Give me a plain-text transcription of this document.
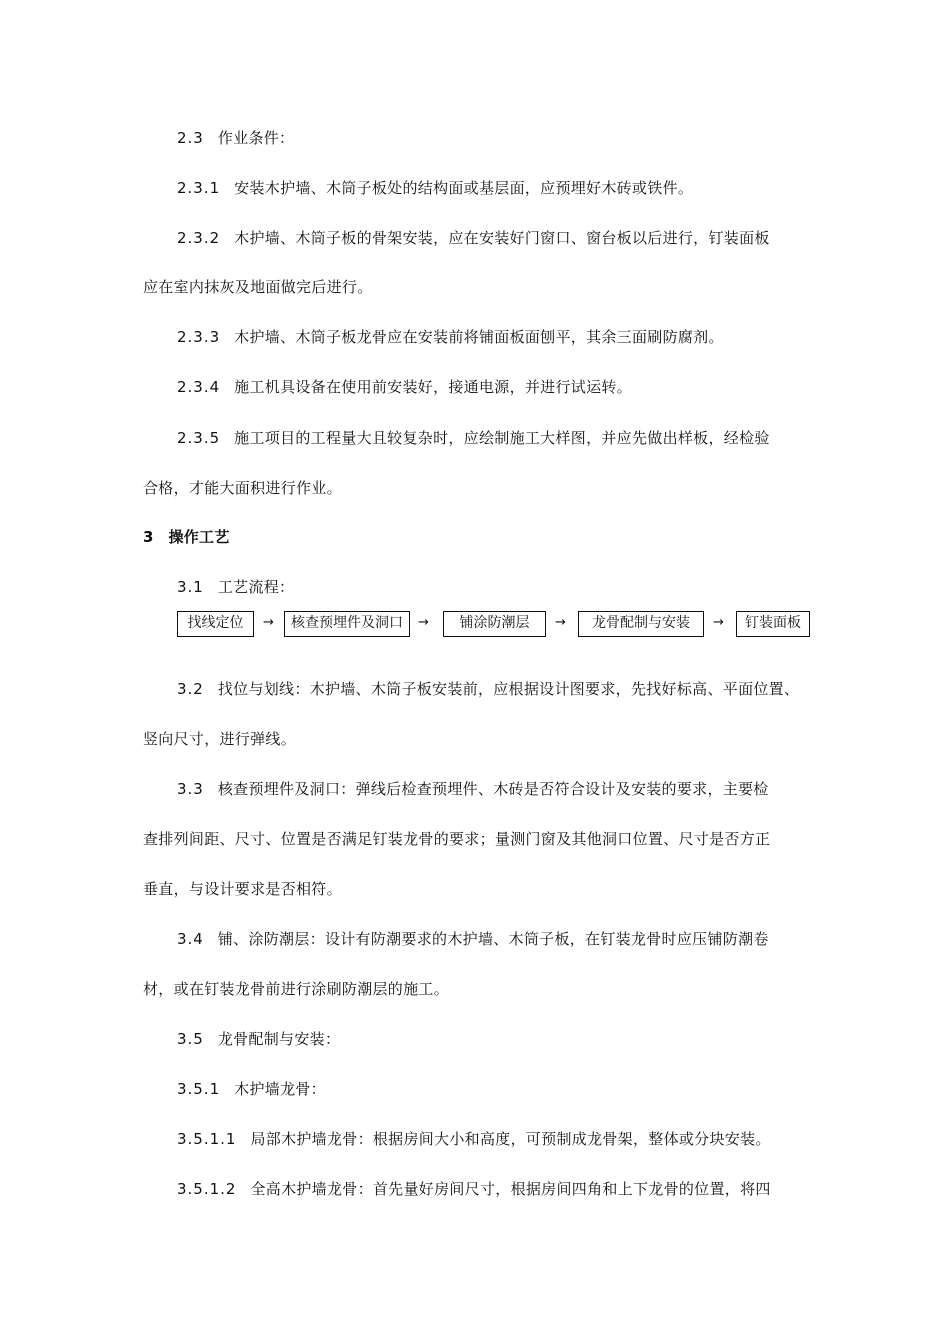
2.3 作业条件：
2.3.1 安装木护墙、木筒子板处的结构面或基层面，应预埋好木砖或铁件。
2.3.2 木护墙、木筒子板的骨架安装，应在安装好门窗口、窗台板以后进行，钉装面板
应在室内抹灰及地面做完后进行。
2.3.3 木护墙、木筒子板龙骨应在安装前将铺面板面刨平，其余三面刷防腐剂。
2.3.4 施工机具设备在使用前安装好，接通电源，并进行试运转。
2.3.5 施工项目的工程量大且较复杂时，应绘制施工大样图，并应先做出样板，经检验
合格，才能大面积进行作业。
3 操作工艺
3.1 工艺流程：
找线定位	→	核查预埋件及洞口	→	铺涂防潮层	→	龙骨配制与安装	→	钉装面板
3.2 找位与划线：木护墙、木筒子板安装前，应根据设计图要求，先找好标高、平面位置、
竖向尺寸，进行弹线。
3.3 核查预埋件及洞口：弹线后检查预埋件、木砖是否符合设计及安装的要求，主要检
查排列间距、尺寸、位置是否满足钉装龙骨的要求；量测门窗及其他洞口位置、尺寸是否方正
垂直，与设计要求是否相符。
3.4 铺、涂防潮层：设计有防潮要求的木护墙、木筒子板，在钉装龙骨时应压铺防潮卷
材，或在钉装龙骨前进行涂刷防潮层的施工。
3.5 龙骨配制与安装：
3.5.1 木护墙龙骨：
3.5.1.1 局部木护墙龙骨：根据房间大小和高度，可预制成龙骨架，整体或分块安装。
3.5.1.2 全高木护墙龙骨：首先量好房间尺寸，根据房间四角和上下龙骨的位置，将四
